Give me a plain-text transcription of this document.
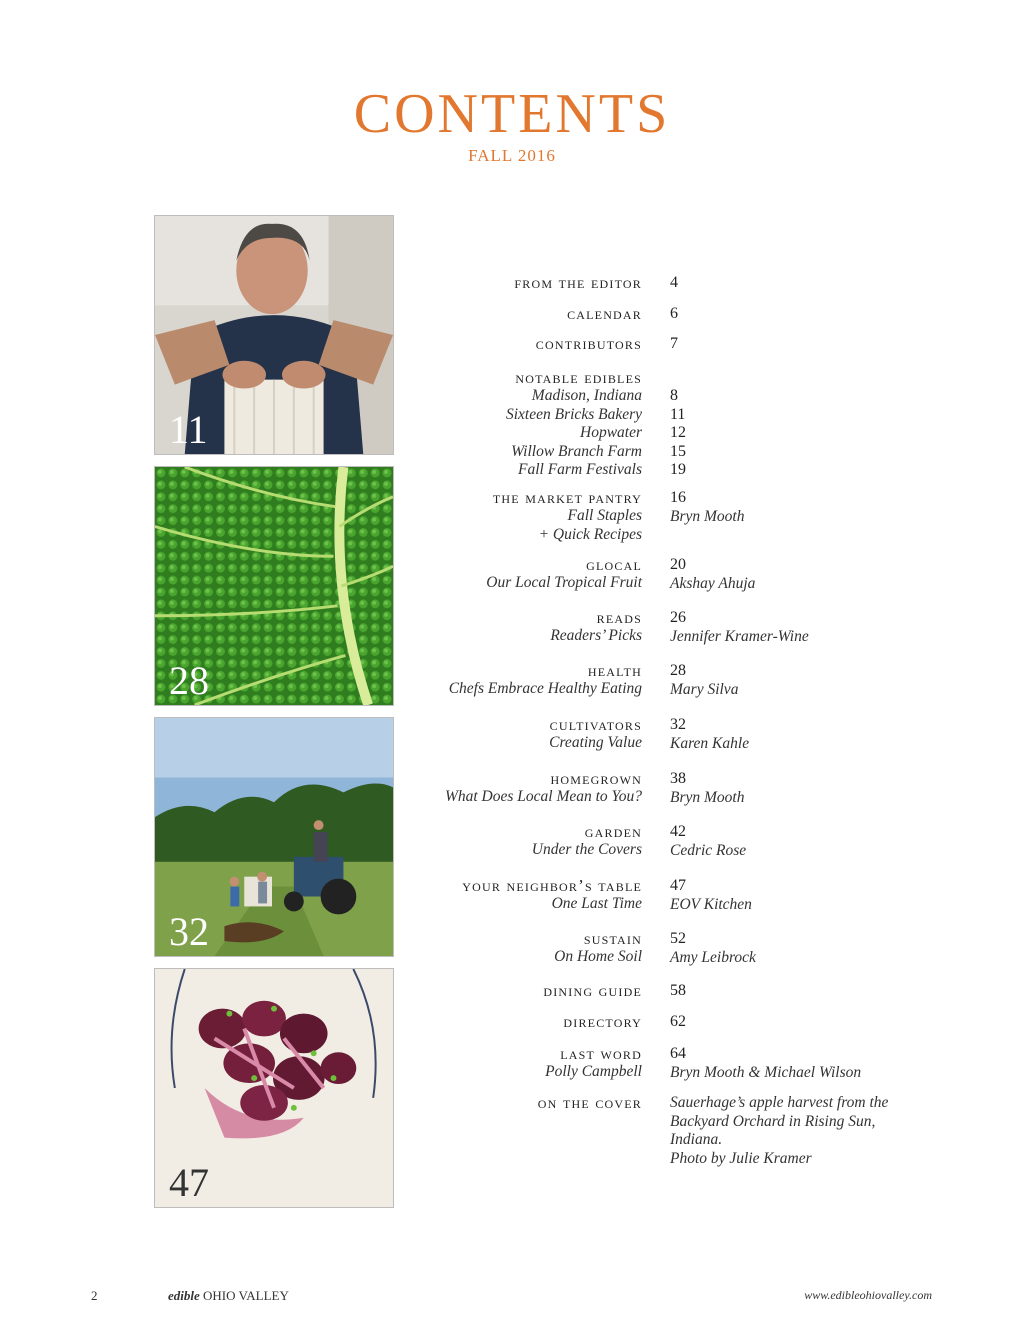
CONTENTS
FALL 2016
11
28
32
47
from the editor 4
calendar 6
contributors 7
notable edibles
Madison, Indiana
Sixteen Bricks Bakery
Hopwater
Willow Branch Farm
Fall Farm Festivals
8
11
12
15
19
the market pantry
Fall Staples
+ Quick Recipes
16
Bryn Mooth
glocal
Our Local Tropical Fruit
20
Akshay Ahuja
reads
Readers’ Picks
26
Jennifer Kramer-Wine
health
Chefs Embrace Healthy Eating
28
Mary Silva
cultivators
Creating Value
32
Karen Kahle
homegrown
What Does Local Mean to You?
38
Bryn Mooth
garden
Under the Covers
42
Cedric Rose
your neighbor’s table
One Last Time
47
EOV Kitchen
sustain
On Home Soil
52
Amy Leibrock
dining guide 58
directory 62
last word
Polly Campbell
64
Bryn Mooth & Michael Wilson
on the cover Sauerhage’s apple harvest from the
Backyard Orchard in Rising Sun,
Indiana.
Photo by Julie Kramer
2	edible OHIO VALLEY	www.edibleohiovalley.com
